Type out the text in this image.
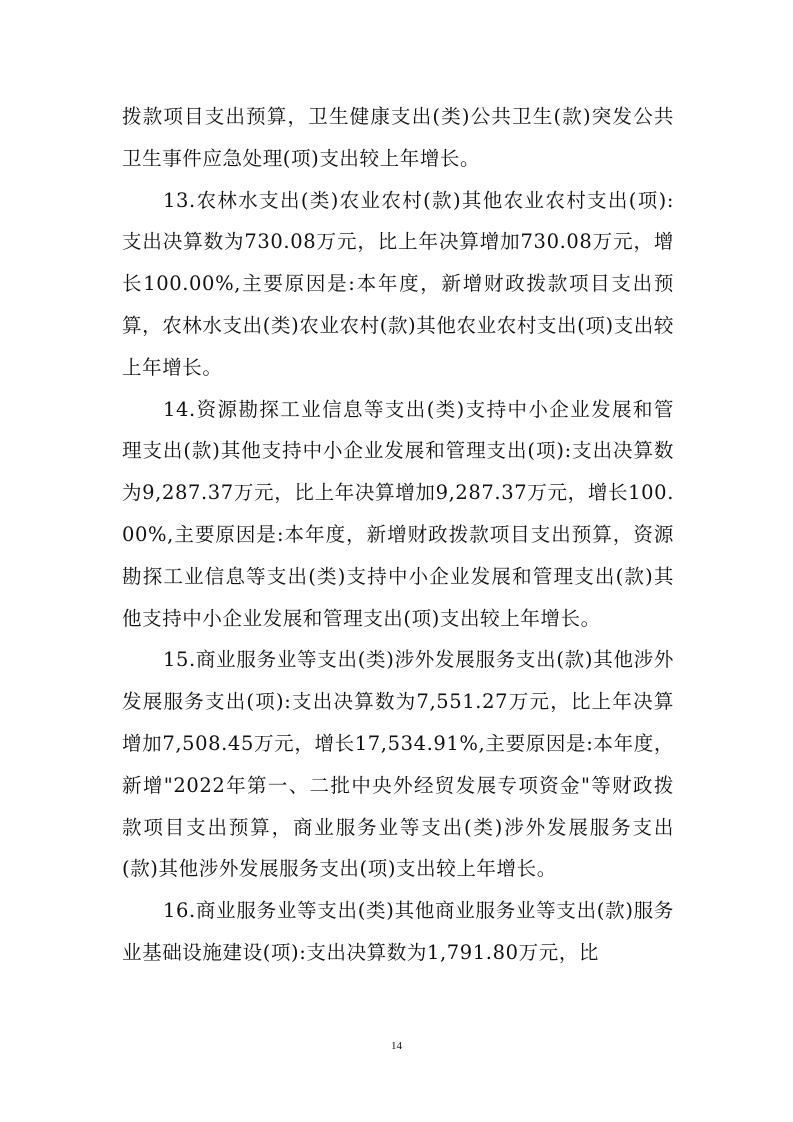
拨款项目支出预算，卫生健康支出(类)公共卫生(款)突发公共卫生事件应急处理(项)支出较上年增长。

13.农林水支出(类)农业农村(款)其他农业农村支出(项):支出决算数为730.08万元，比上年决算增加730.08万元，增长100.00%,主要原因是:本年度，新增财政拨款项目支出预算，农林水支出(类)农业农村(款)其他农业农村支出(项)支出较上年增长。

14.资源勘探工业信息等支出(类)支持中小企业发展和管理支出(款)其他支持中小企业发展和管理支出(项):支出决算数为9,287.37万元，比上年决算增加9,287.37万元，增长100.00%,主要原因是:本年度，新增财政拨款项目支出预算，资源勘探工业信息等支出(类)支持中小企业发展和管理支出(款)其他支持中小企业发展和管理支出(项)支出较上年增长。

15.商业服务业等支出(类)涉外发展服务支出(款)其他涉外发展服务支出(项):支出决算数为7,551.27万元，比上年决算增加7,508.45万元，增长17,534.91%,主要原因是:本年度，新增"2022年第一、二批中央外经贸发展专项资金"等财政拨款项目支出预算，商业服务业等支出(类)涉外发展服务支出(款)其他涉外发展服务支出(项)支出较上年增长。

16.商业服务业等支出(类)其他商业服务业等支出(款)服务业基础设施建设(项):支出决算数为1,791.80万元，比

14
